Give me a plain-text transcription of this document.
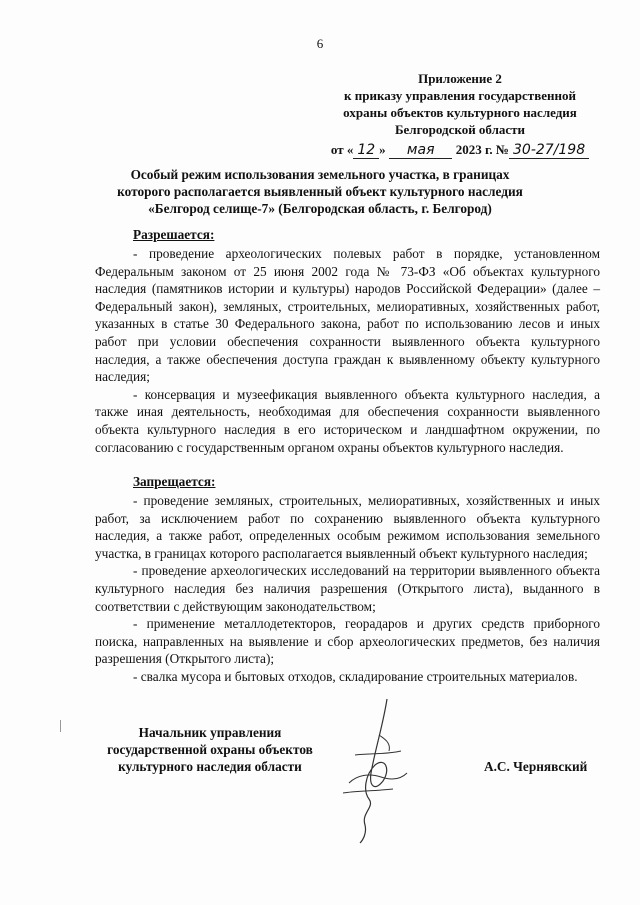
6
Приложение 2
к приказу управления государственной
охраны объектов культурного наследия
Белгородской области
от « 12 » мая 2023 г. № 30-27/198
Особый режим использования земельного участка, в границах
которого располагается выявленный объект культурного наследия
«Белгород селище-7» (Белгородская область, г. Белгород)
Разрешается:

- проведение археологических полевых работ в порядке, установленном Федеральным законом от 25 июня 2002 года № 73-ФЗ «Об объектах культурного наследия (памятников истории и культуры) народов Российской Федерации» (далее – Федеральный закон), земляных, строительных, мелиоративных, хозяйственных работ, указанных в статье 30 Федерального закона, работ по использованию лесов и иных работ при условии обеспечения сохранности выявленного объекта культурного наследия, а также обеспечения доступа граждан к выявленному объекту культурного наследия;

- консервация и музеефикация выявленного объекта культурного наследия, а также иная деятельность, необходимая для обеспечения сохранности выявленного объекта культурного наследия в его историческом и ландшафтном окружении, по согласованию с государственным органом охраны объектов культурного наследия.

Запрещается:

- проведение земляных, строительных, мелиоративных, хозяйственных и иных работ, за исключением работ по сохранению выявленного объекта культурного наследия, а также работ, определенных особым режимом использования земельного участка, в границах которого располагается выявленный объект культурного наследия;

- проведение археологических исследований на территории выявленного объекта культурного наследия без наличия разрешения (Открытого листа), выданного в соответствии с действующим законодательством;

- применение металлодетекторов, георадаров и других средств приборного поиска, направленных на выявление и сбор археологических предметов, без наличия разрешения (Открытого листа);

- свалка мусора и бытовых отходов, складирование строительных материалов.

Начальник управления
государственной охраны объектов
культурного наследия области	А.С. Чернявский
